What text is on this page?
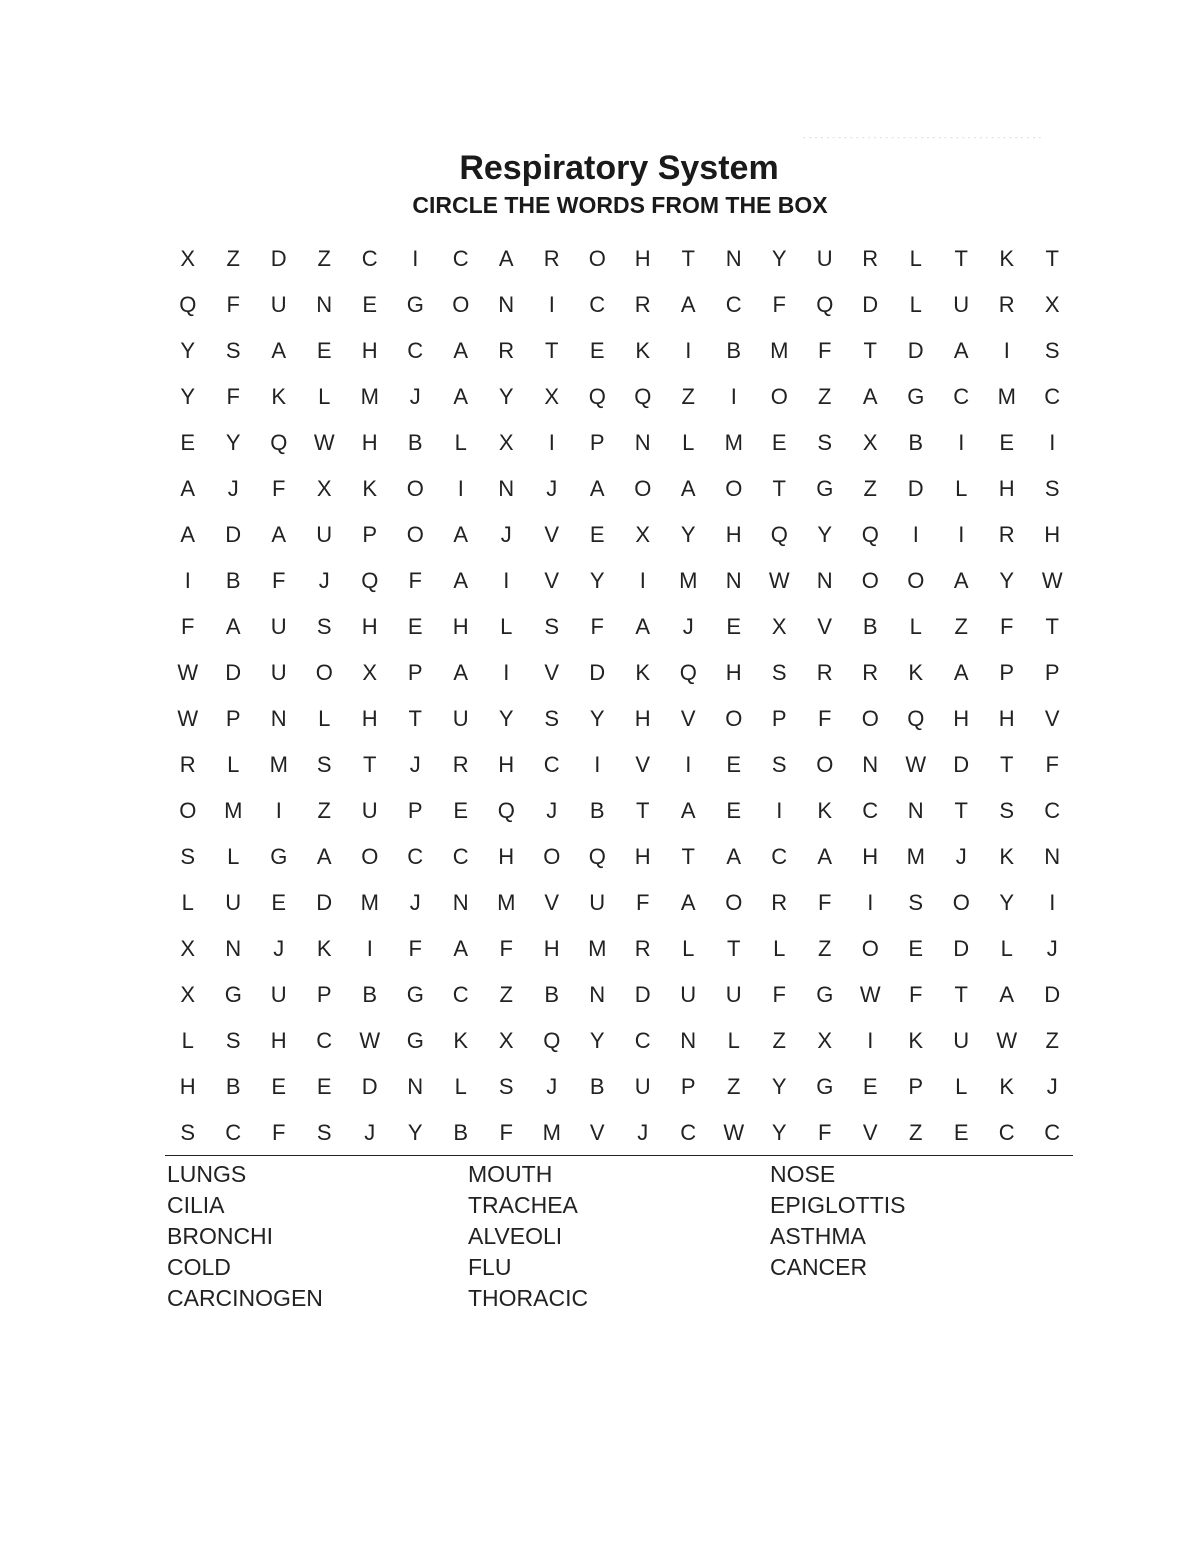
- - - - - - - - - - - - - - - - - - - - - - - - - - - - - - - - - - - - - - - - -
Respiratory System
CIRCLE THE WORDS FROM THE BOX
X	Z	D	Z	C	I	C	A	R	O	H	T	N	Y	U	R	L	T	K	T
Q	F	U	N	E	G	O	N	I	C	R	A	C	F	Q	D	L	U	R	X
Y	S	A	E	H	C	A	R	T	E	K	I	B	M	F	T	D	A	I	S
Y	F	K	L	M	J	A	Y	X	Q	Q	Z	I	O	Z	A	G	C	M	C
E	Y	Q	W	H	B	L	X	I	P	N	L	M	E	S	X	B	I	E	I
A	J	F	X	K	O	I	N	J	A	O	A	O	T	G	Z	D	L	H	S
A	D	A	U	P	O	A	J	V	E	X	Y	H	Q	Y	Q	I	I	R	H
I	B	F	J	Q	F	A	I	V	Y	I	M	N	W	N	O	O	A	Y	W
F	A	U	S	H	E	H	L	S	F	A	J	E	X	V	B	L	Z	F	T
W	D	U	O	X	P	A	I	V	D	K	Q	H	S	R	R	K	A	P	P
W	P	N	L	H	T	U	Y	S	Y	H	V	O	P	F	O	Q	H	H	V
R	L	M	S	T	J	R	H	C	I	V	I	E	S	O	N	W	D	T	F
O	M	I	Z	U	P	E	Q	J	B	T	A	E	I	K	C	N	T	S	C
S	L	G	A	O	C	C	H	O	Q	H	T	A	C	A	H	M	J	K	N
L	U	E	D	M	J	N	M	V	U	F	A	O	R	F	I	S	O	Y	I
X	N	J	K	I	F	A	F	H	M	R	L	T	L	Z	O	E	D	L	J
X	G	U	P	B	G	C	Z	B	N	D	U	U	F	G	W	F	T	A	D
L	S	H	C	W	G	K	X	Q	Y	C	N	L	Z	X	I	K	U	W	Z
H	B	E	E	D	N	L	S	J	B	U	P	Z	Y	G	E	P	L	K	J
S	C	F	S	J	Y	B	F	M	V	J	C	W	Y	F	V	Z	E	C	C
LUNGS
CILIA
BRONCHI
COLD
CARCINOGEN
MOUTH
TRACHEA
ALVEOLI
FLU
THORACIC
NOSE
EPIGLOTTIS
ASTHMA
CANCER
